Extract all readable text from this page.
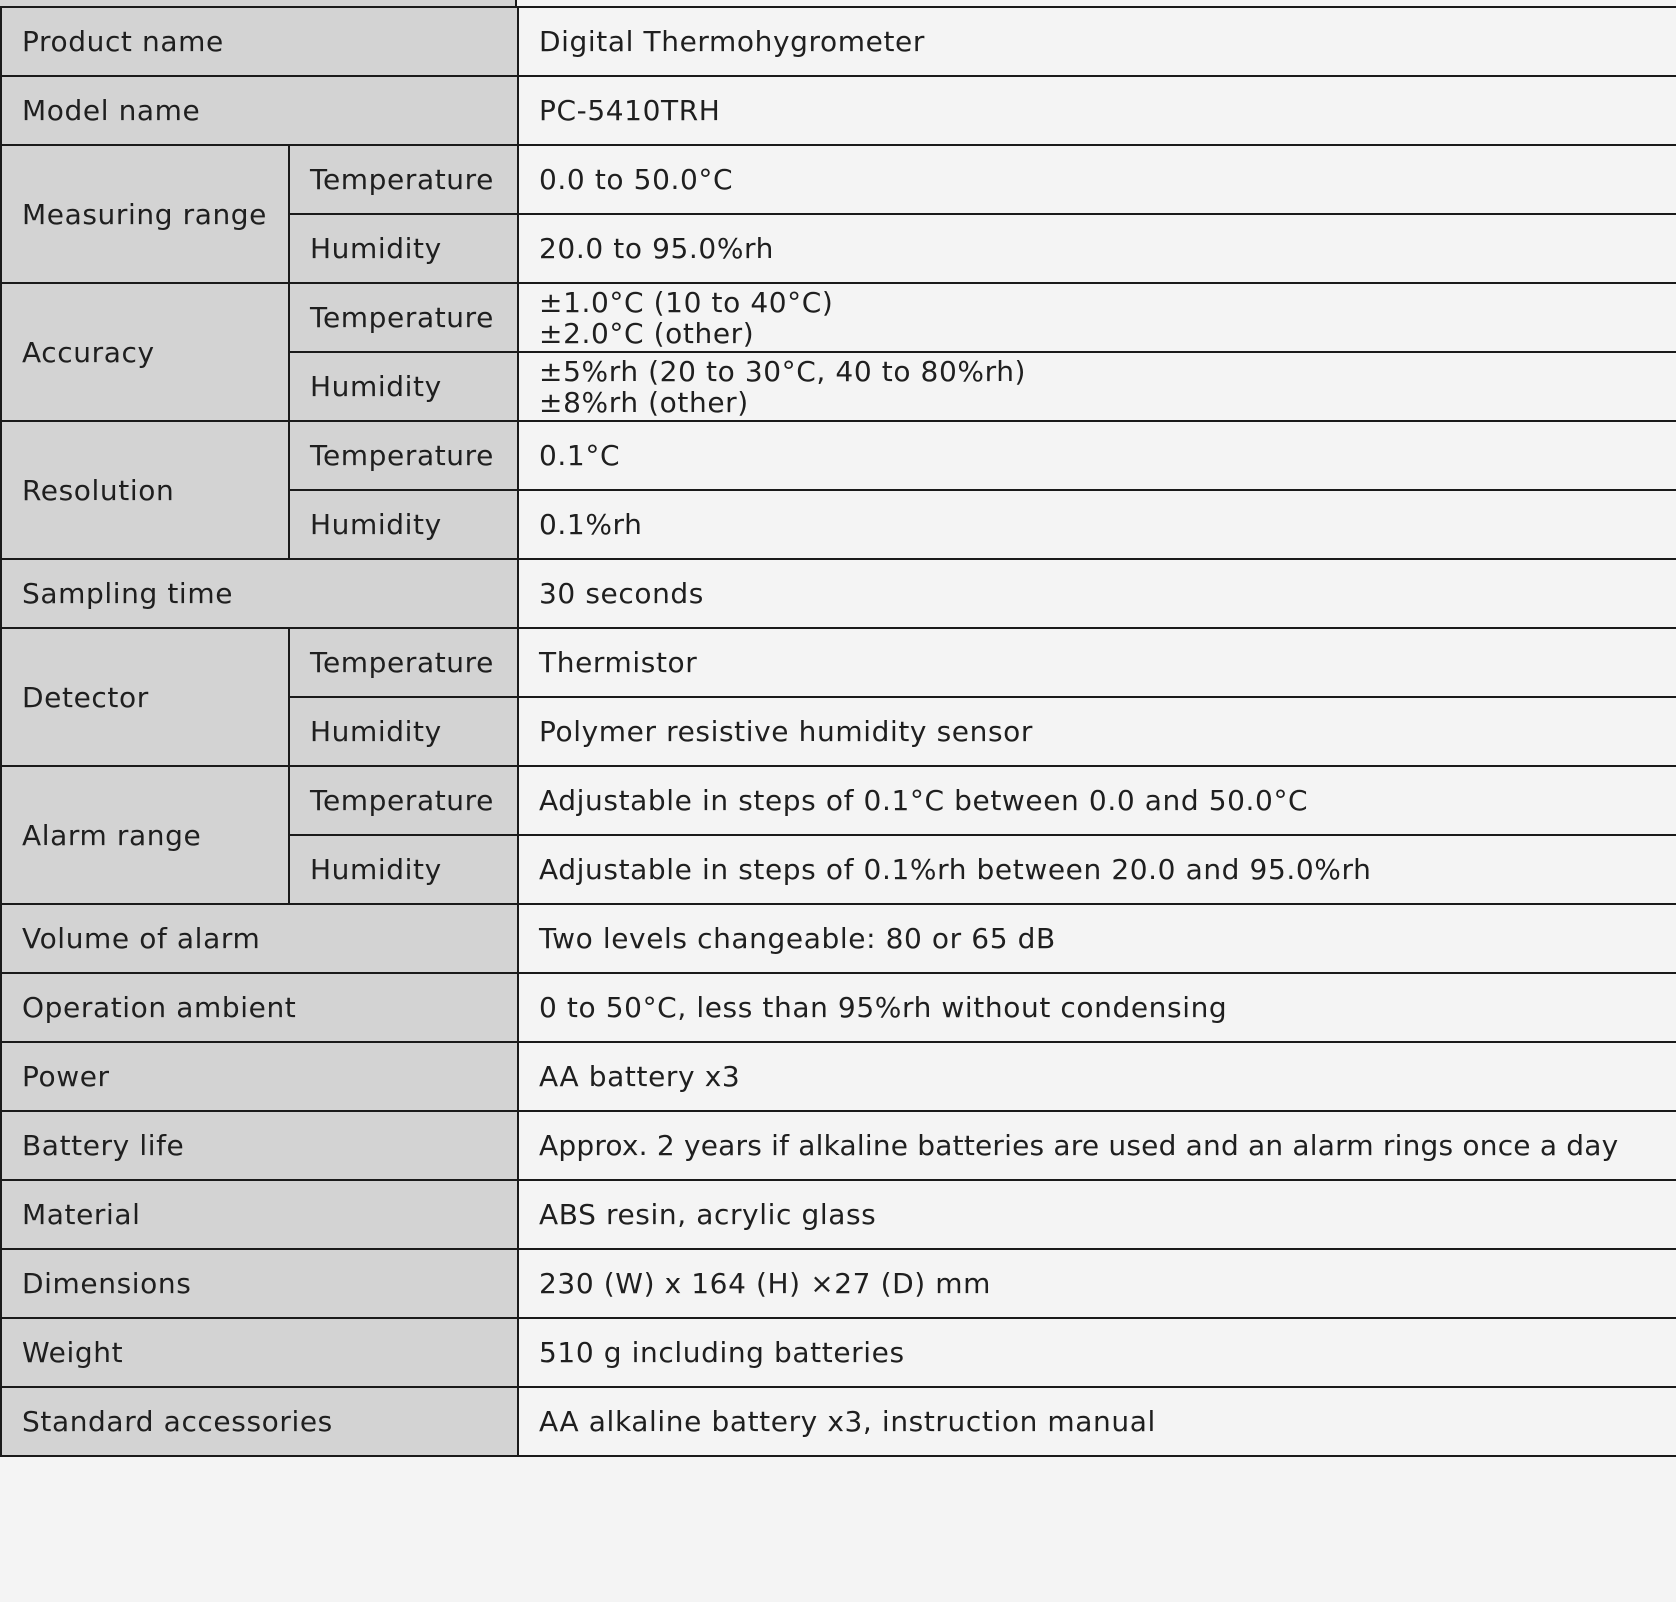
Product name		Digital Thermohygrometer
Model name		PC-5410TRH
Measuring range	Temperature	0.0 to 50.0°C
	Humidity	20.0 to 95.0%rh
Accuracy	Temperature	±1.0°C (10 to 40°C)
±2.0°C (other)

	Humidity	±5%rh (20 to 30°C, 40 to 80%rh)
±8%rh (other)

Resolution	Temperature	0.1°C
	Humidity	0.1%rh
Sampling time		30 seconds
Detector	Temperature	Thermistor
	Humidity	Polymer resistive humidity sensor
Alarm range	Temperature	Adjustable in steps of 0.1°C between 0.0 and 50.0°C
	Humidity	Adjustable in steps of 0.1%rh between 20.0 and 95.0%rh
Volume of alarm		Two levels changeable: 80 or 65 dB
Operation ambient		0 to 50°C, less than 95%rh without condensing
Power		AA battery x3
Battery life		Approx. 2 years if alkaline batteries are used and an alarm rings once a day
Material		ABS resin, acrylic glass
Dimensions		230 (W) x 164 (H) ×27 (D) mm
Weight		510 g including batteries
Standard accessories		AA alkaline battery x3, instruction manual
